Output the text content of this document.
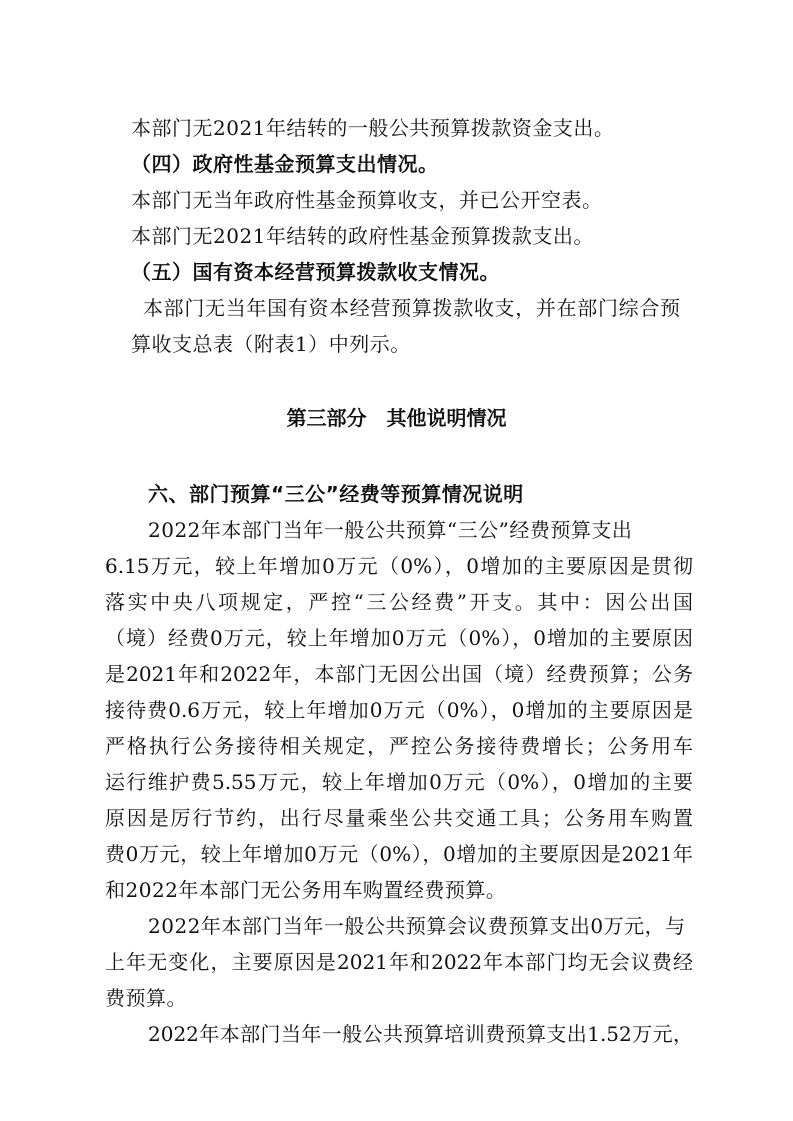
本部门无2021年结转的一般公共预算拨款资金支出。

（四）政府性基金预算支出情况。

本部门无当年政府性基金预算收支，并已公开空表。

本部门无2021年结转的政府性基金预算拨款支出。

（五）国有资本经营预算拨款收支情况。

本部门无当年国有资本经营预算拨款收支，并在部门综合预

算收支总表（附表1）中列示。

第三部分　其他说明情况

六、部门预算“三公”经费等预算情况说明

2022年本部门当年一般公共预算“三公”经费预算支出

6.15万元，较上年增加0万元（0%），0增加的主要原因是贯彻

落实中央八项规定，严控“三公经费”开支。其中：因公出国

（境）经费0万元，较上年增加0万元（0%），0增加的主要原因

是2021年和2022年，本部门无因公出国（境）经费预算；公务

接待费0.6万元，较上年增加0万元（0%），0增加的主要原因是

严格执行公务接待相关规定，严控公务接待费增长；公务用车

运行维护费5.55万元，较上年增加0万元（0%），0增加的主要

原因是厉行节约，出行尽量乘坐公共交通工具；公务用车购置

费0万元，较上年增加0万元（0%），0增加的主要原因是2021年

和2022年本部门无公务用车购置经费预算。

2022年本部门当年一般公共预算会议费预算支出0万元，与

上年无变化，主要原因是2021年和2022年本部门均无会议费经

费预算。

2022年本部门当年一般公共预算培训费预算支出1.52万元，
